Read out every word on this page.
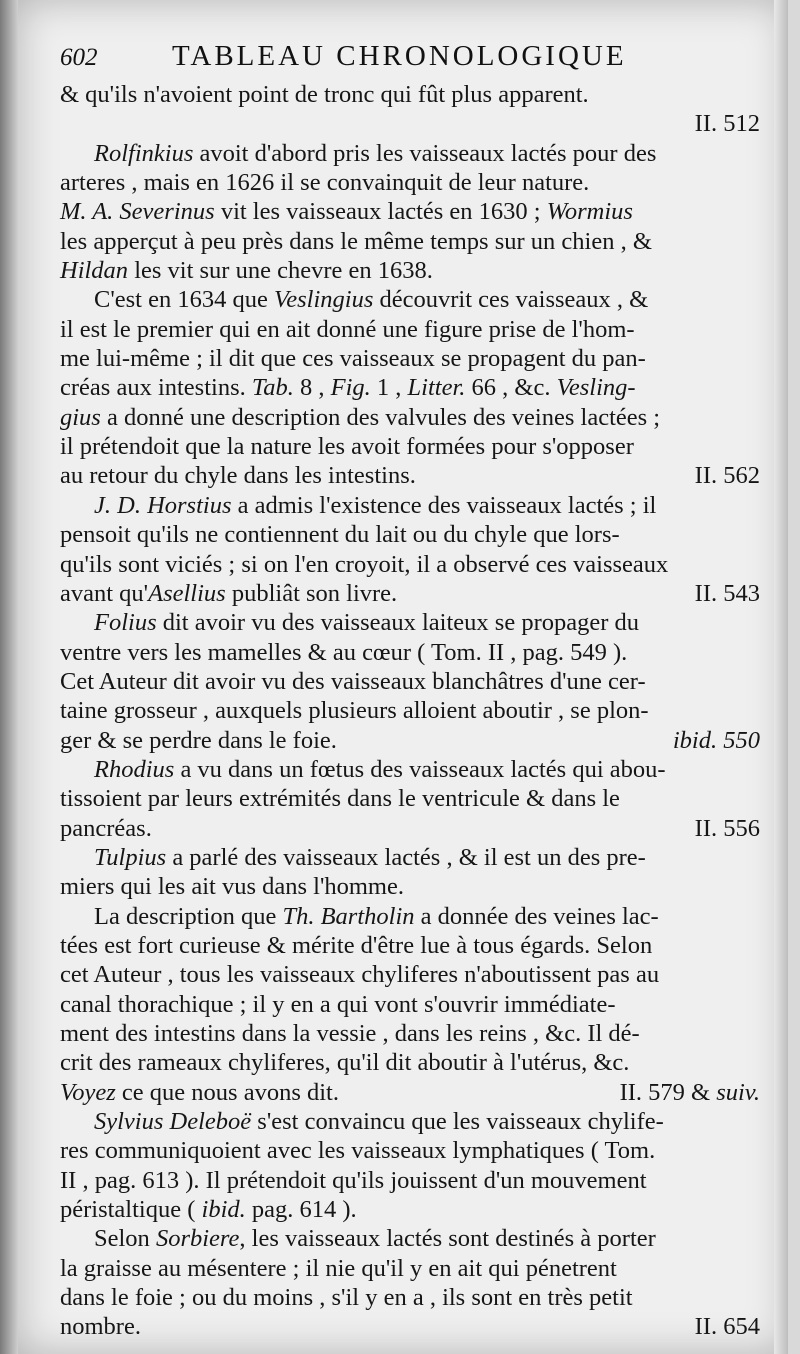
602	TABLEAU CHRONOLOGIQUE
& qu'ils n'avoient point de tronc qui fût plus apparent.
II. 512
Rolfinkius avoit d'abord pris les vaisseaux lactés pour des
arteres , mais en 1626 il se convainquit de leur nature.
M. A. Severinus vit les vaisseaux lactés en 1630 ; Wormius
les apperçut à peu près dans le même temps sur un chien , &
Hildan les vit sur une chevre en 1638.
C'est en 1634 que Veslingius découvrit ces vaisseaux , &
il est le premier qui en ait donné une figure prise de l'hom-
me lui-même ; il dit que ces vaisseaux se propagent du pan-
créas aux intestins. Tab. 8 , Fig. 1 , Litter. 66 , &c. Vesling-
gius a donné une description des valvules des veines lactées ;
il prétendoit que la nature les avoit formées pour s'opposer
au retour du chyle dans les intestins.	II. 562
J. D. Horstius a admis l'existence des vaisseaux lactés ; il
pensoit qu'ils ne contiennent du lait ou du chyle que lors-
qu'ils sont viciés ; si on l'en croyoit, il a observé ces vaisseaux
avant qu'Asellius publiât son livre.	II. 543
Folius dit avoir vu des vaisseaux laiteux se propager du
ventre vers les mamelles & au cœur ( Tom. II , pag. 549 ).
Cet Auteur dit avoir vu des vaisseaux blanchâtres d'une cer-
taine grosseur , auxquels plusieurs alloient aboutir , se plon-
ger & se perdre dans le foie.	ibid. 550
Rhodius a vu dans un fœtus des vaisseaux lactés qui abou-
tissoient par leurs extrémités dans le ventricule & dans le
pancréas.	II. 556
Tulpius a parlé des vaisseaux lactés , & il est un des pre-
miers qui les ait vus dans l'homme.
La description que Th. Bartholin a donnée des veines lac-
tées est fort curieuse & mérite d'être lue à tous égards. Selon
cet Auteur , tous les vaisseaux chyliferes n'aboutissent pas au
canal thorachique ; il y en a qui vont s'ouvrir immédiate-
ment des intestins dans la vessie , dans les reins , &c. Il dé-
crit des rameaux chyliferes, qu'il dit aboutir à l'utérus, &c.
Voyez ce que nous avons dit.	II. 579 & suiv.
Sylvius Deleboë s'est convaincu que les vaisseaux chylife-
res communiquoient avec les vaisseaux lymphatiques ( Tom.
II , pag. 613 ). Il prétendoit qu'ils jouissent d'un mouvement
péristaltique ( ibid. pag. 614 ).
Selon Sorbiere, les vaisseaux lactés sont destinés à porter
la graisse au mésentere ; il nie qu'il y en ait qui pénetrent
dans le foie ; ou du moins , s'il y en a , ils sont en très petit
nombre.	II. 654
